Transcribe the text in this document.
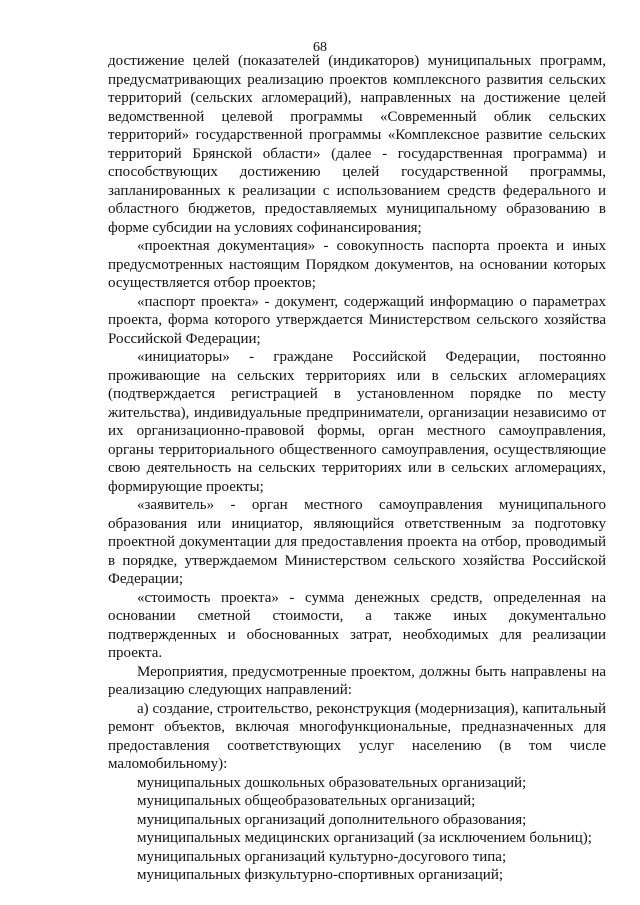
68

достижение целей (показателей (индикаторов) муниципальных программ, предусматривающих реализацию проектов комплексного развития сельских территорий (сельских агломераций), направленных на достижение целей ведомственной целевой программы «Современный облик сельских территорий» государственной программы «Комплексное развитие сельских территорий Брянской области» (далее - государственная программа) и способствующих достижению целей государственной программы, запланированных к реализации с использованием средств федерального и областного бюджетов, предоставляемых муниципальному образованию в форме субсидии на условиях софинансирования;

«проектная документация» - совокупность паспорта проекта и иных предусмотренных настоящим Порядком документов, на основании которых осуществляется отбор проектов;

«паспорт проекта» - документ, содержащий информацию о параметрах проекта, форма которого утверждается Министерством сельского хозяйства Российской Федерации;

«инициаторы» - граждане Российской Федерации, постоянно проживающие на сельских территориях или в сельских агломерациях (подтверждается регистрацией в установленном порядке по месту жительства), индивидуальные предприниматели, организации независимо от их организационно-правовой формы, орган местного самоуправления, органы территориального общественного самоуправления, осуществляющие свою деятельность на сельских территориях или в сельских агломерациях, формирующие проекты;

«заявитель» - орган местного самоуправления муниципального образования или инициатор, являющийся ответственным за подготовку проектной документации для предоставления проекта на отбор, проводимый в порядке, утверждаемом Министерством сельского хозяйства Российской Федерации;

«стоимость проекта» - сумма денежных средств, определенная на основании сметной стоимости, а также иных документально подтвержденных и обоснованных затрат, необходимых для реализации проекта.

Мероприятия, предусмотренные проектом, должны быть направлены на реализацию следующих направлений:

а) создание, строительство, реконструкция (модернизация), капитальный ремонт объектов, включая многофункциональные, предназначенных для предоставления соответствующих услуг населению (в том числе маломобильному):

муниципальных дошкольных образовательных организаций;

муниципальных общеобразовательных организаций;

муниципальных организаций дополнительного образования;

муниципальных медицинских организаций (за исключением больниц);

муниципальных организаций культурно-досугового типа;

муниципальных физкультурно-спортивных организаций;
